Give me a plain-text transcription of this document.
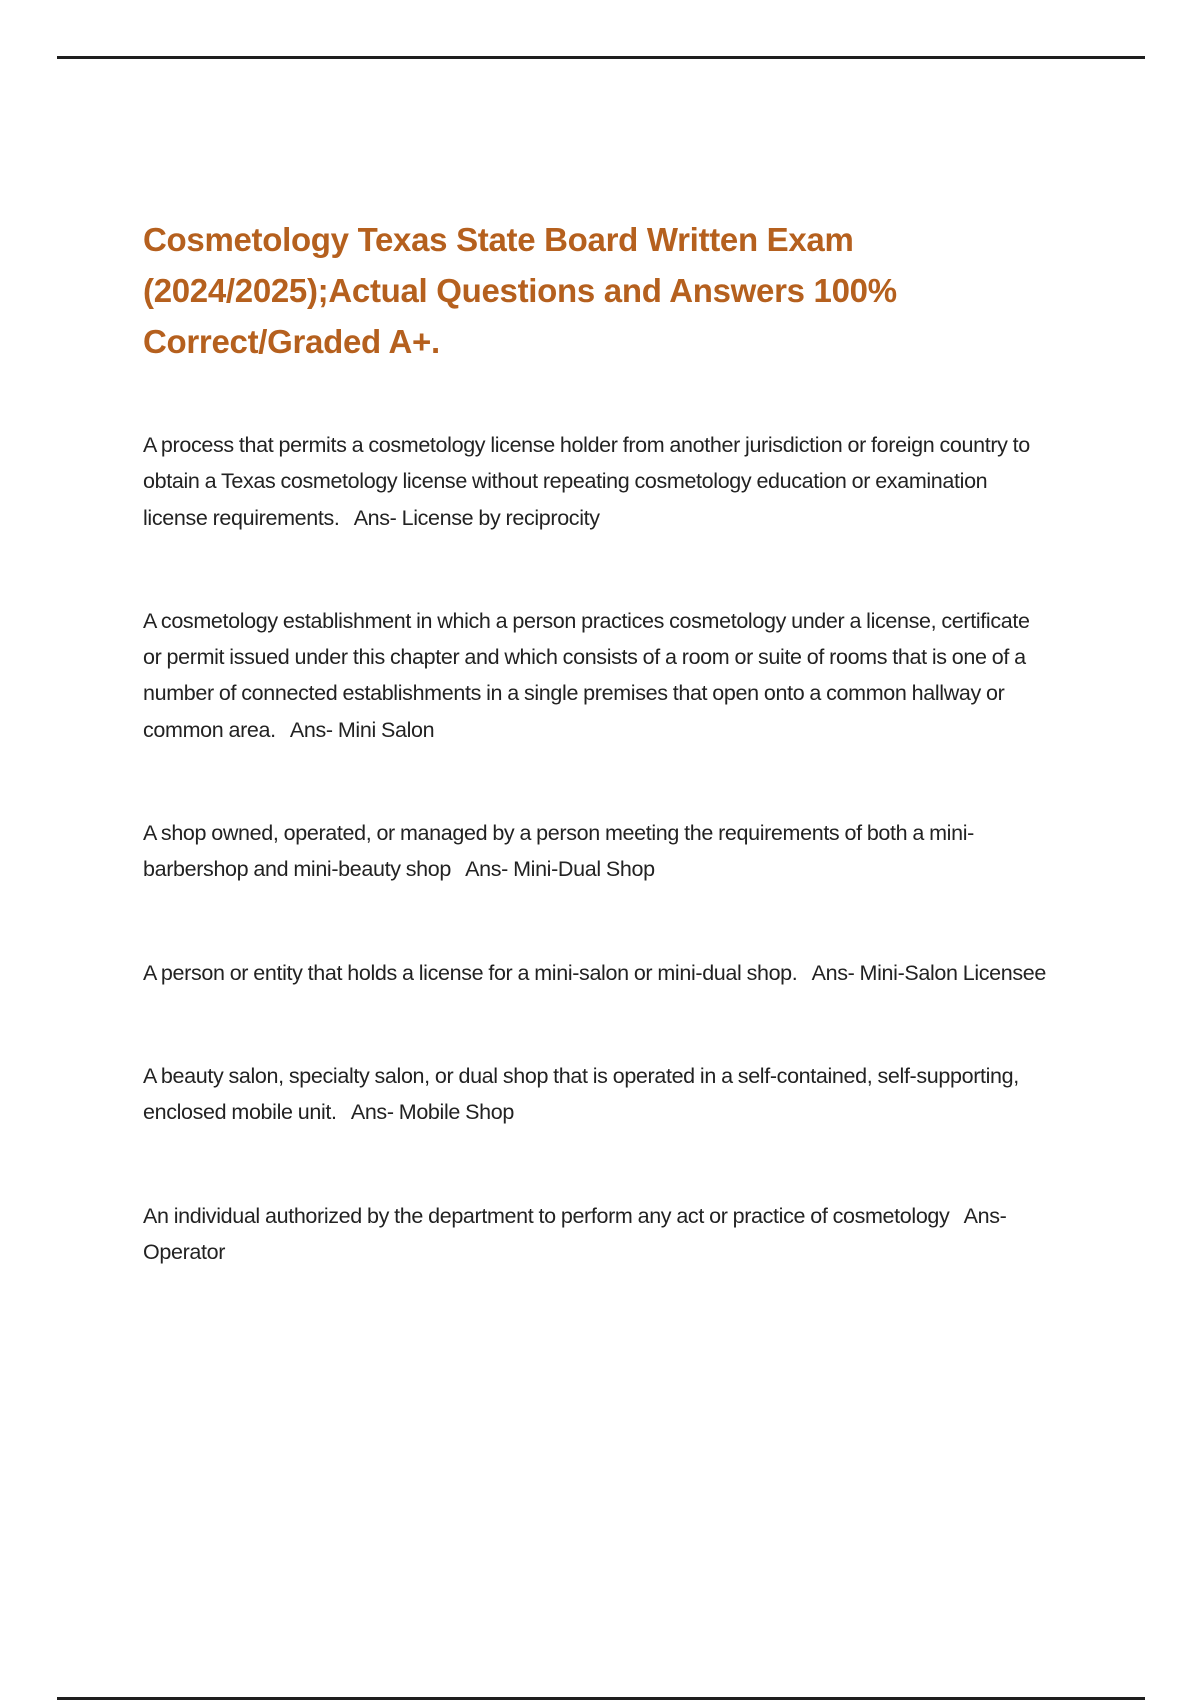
Cosmetology Texas State Board Written Exam
(2024/2025);Actual Questions and Answers 100%
Correct/Graded A+.

A process that permits a cosmetology license holder from another jurisdiction or foreign country to obtain a Texas cosmetology license without repeating cosmetology education or examination license requirements. Ans- License by reciprocity

A cosmetology establishment in which a person practices cosmetology under a license, certificate or permit issued under this chapter and which consists of a room or suite of rooms that is one of a number of connected establishments in a single premises that open onto a common hallway or common area. Ans- Mini Salon

A shop owned, operated, or managed by a person meeting the requirements of both a mini-barbershop and mini-beauty shop Ans- Mini-Dual Shop

A person or entity that holds a license for a mini-salon or mini-dual shop. Ans- Mini-Salon Licensee

A beauty salon, specialty salon, or dual shop that is operated in a self-contained, self-supporting, enclosed mobile unit. Ans- Mobile Shop

An individual authorized by the department to perform any act or practice of cosmetology Ans- Operator
